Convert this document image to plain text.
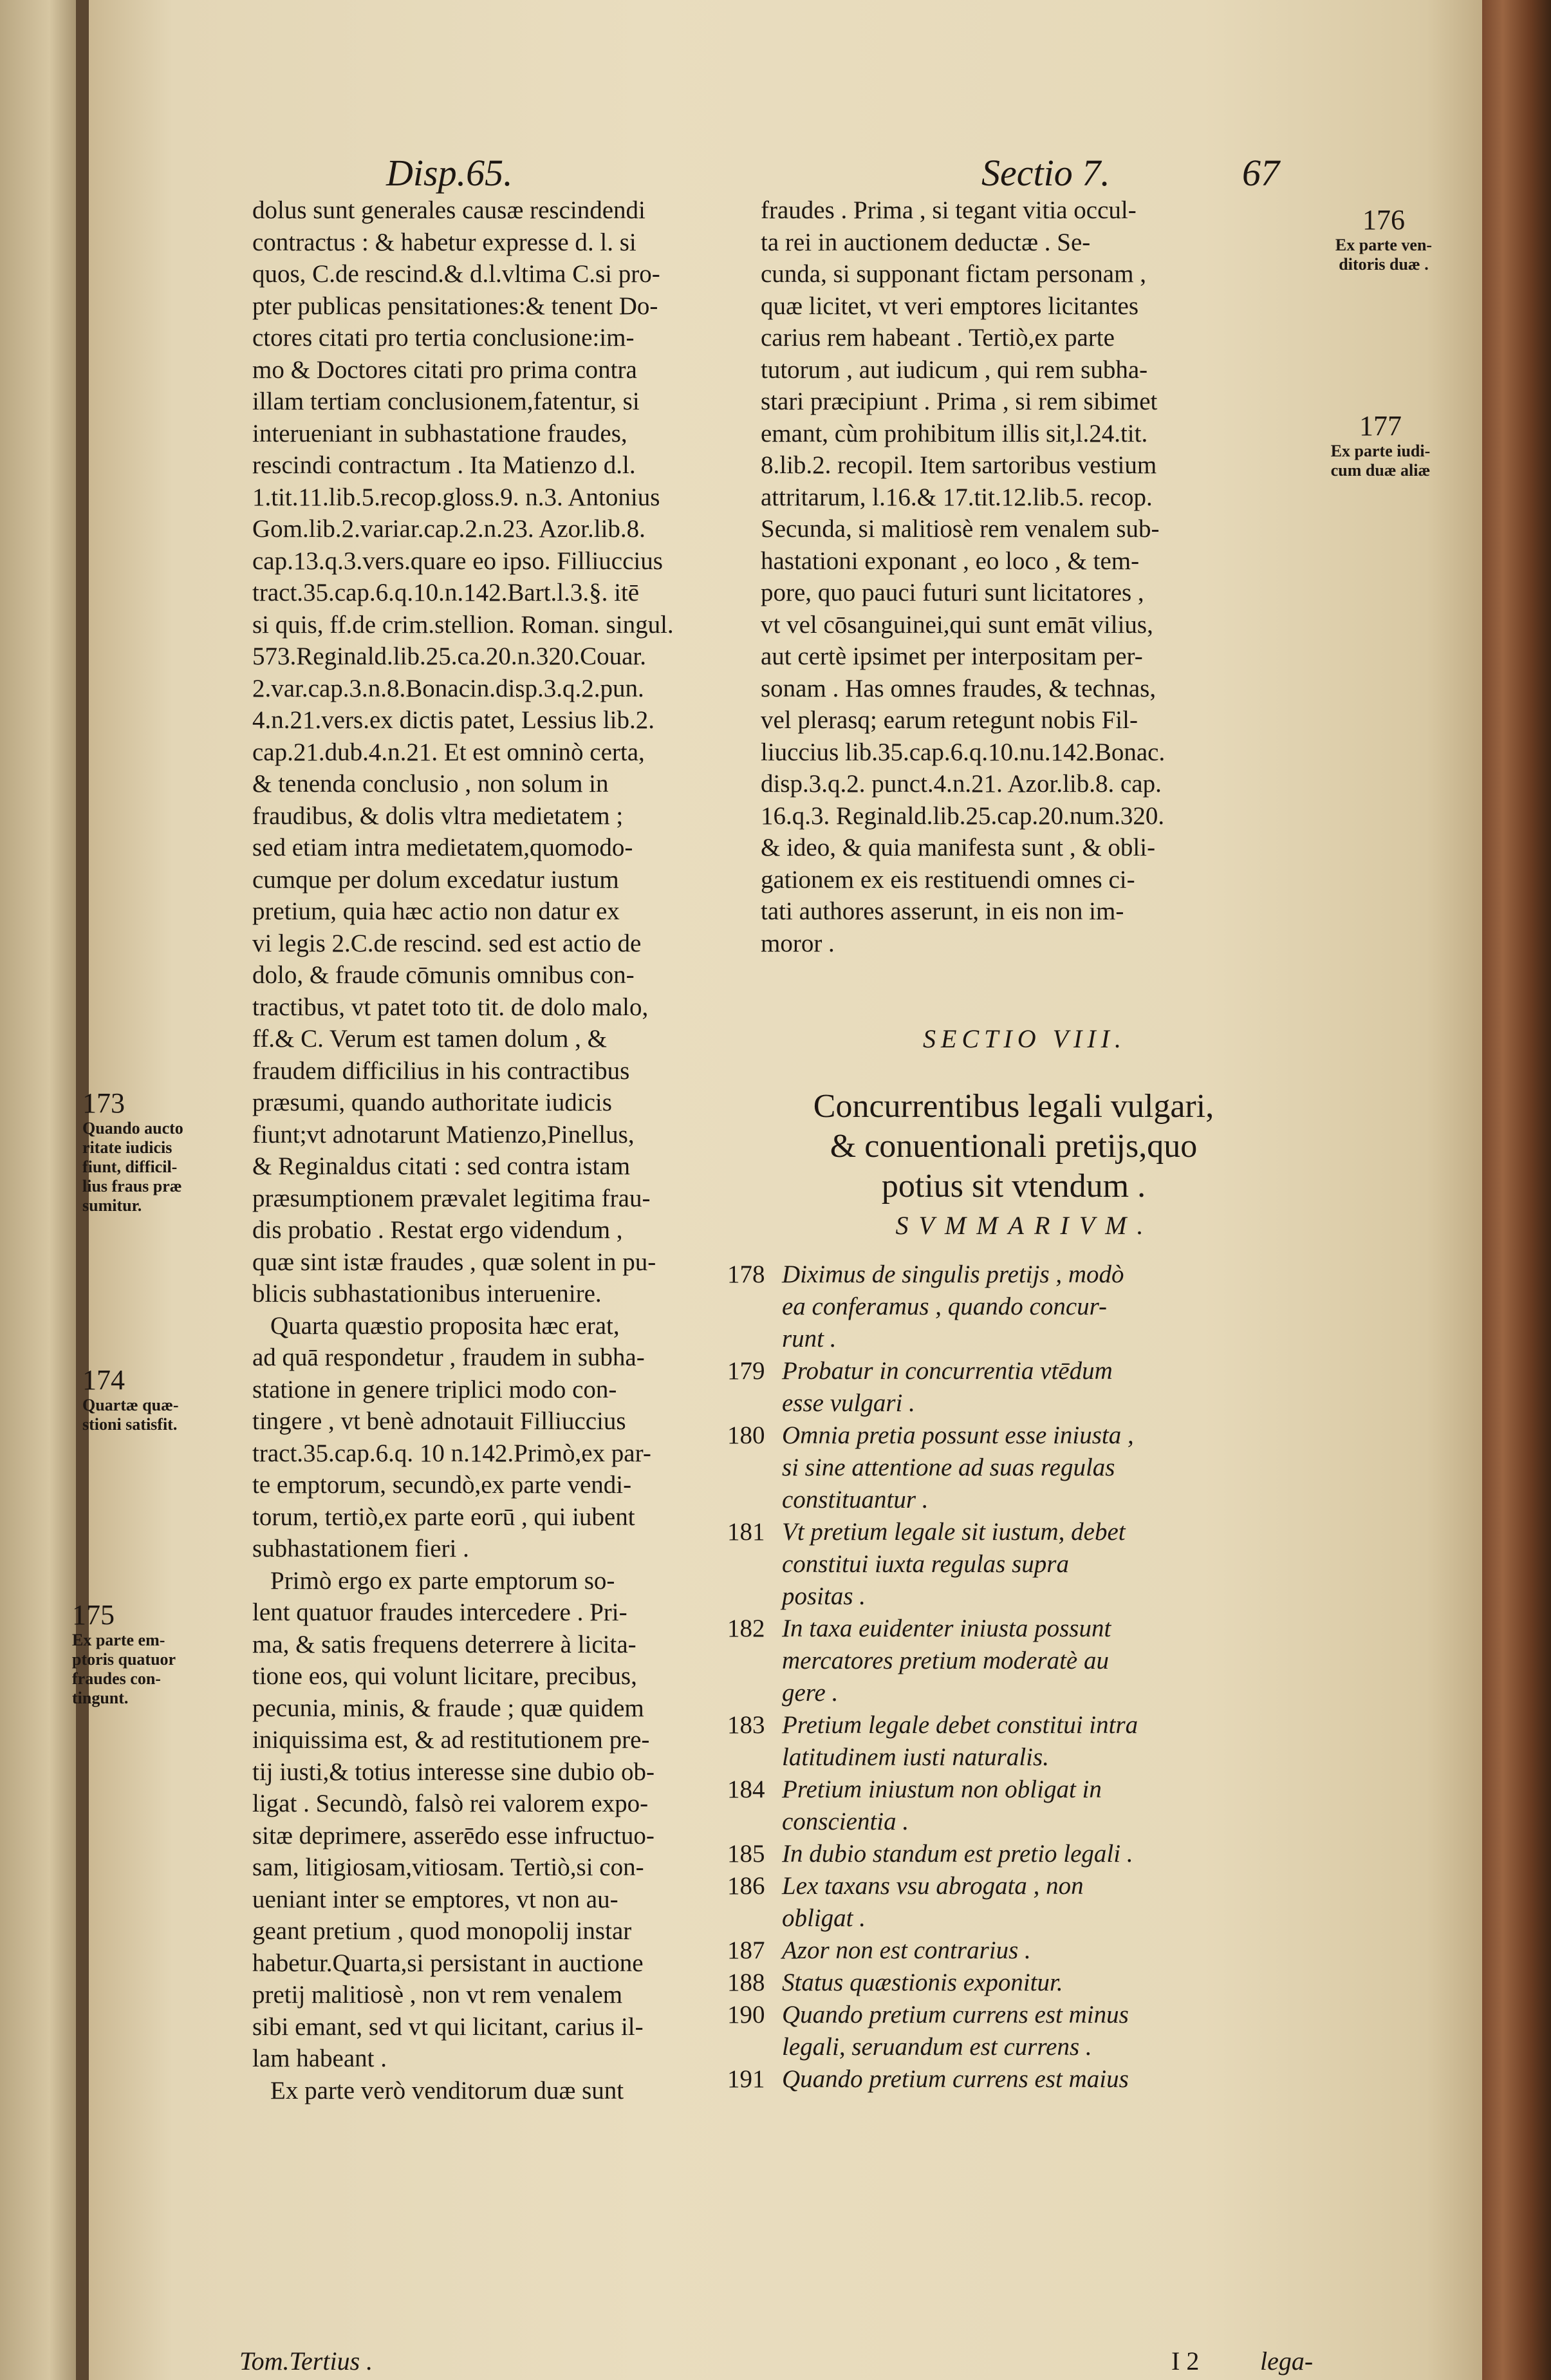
Disp.65.	Sectio 7.	67

dolus sunt generales causæ rescindendi

contractus : & habetur expresse d. l. si

quos, C.de rescind.& d.l.vltima C.si pro-

pter publicas pensitationes:& tenent Do-

ctores citati pro tertia conclusione:im-

mo & Doctores citati pro prima contra

illam tertiam conclusionem,fatentur, si

interueniant in subhastatione fraudes,

rescindi contractum . Ita Matienzo d.l.

1.tit.11.lib.5.recop.gloss.9. n.3. Antonius

Gom.lib.2.variar.cap.2.n.23. Azor.lib.8.

cap.13.q.3.vers.quare eo ipso. Filliuccius

tract.35.cap.6.q.10.n.142.Bart.l.3.§. itē

si quis, ff.de crim.stellion. Roman. singul.

573.Reginald.lib.25.ca.20.n.320.Couar.

2.var.cap.3.n.8.Bonacin.disp.3.q.2.pun.

4.n.21.vers.ex dictis patet, Lessius lib.2.

cap.21.dub.4.n.21. Et est omninò certa,

& tenenda conclusio , non solum in

fraudibus, & dolis vltra medietatem ;

sed etiam intra medietatem,quomodo-

cumque per dolum excedatur iustum

pretium, quia hæc actio non datur ex

vi legis 2.C.de rescind. sed est actio de

dolo, & fraude cōmunis omnibus con-

tractibus, vt patet toto tit. de dolo malo,

ff.& C. Verum est tamen dolum , &

fraudem difficilius in his contractibus

præsumi, quando authoritate iudicis

fiunt;vt adnotarunt Matienzo,Pinellus,

& Reginaldus citati : sed contra istam

præsumptionem prævalet legitima frau-

dis probatio . Restat ergo videndum ,

quæ sint istæ fraudes , quæ solent in pu-

blicis subhastationibus interuenire.

Quarta quæstio proposita hæc erat,

ad quā respondetur , fraudem in subha-

statione in genere triplici modo con-

tingere , vt benè adnotauit Filliuccius

tract.35.cap.6.q. 10 n.142.Primò,ex par-

te emptorum, secundò,ex parte vendi-

torum, tertiò,ex parte eorū , qui iubent

subhastationem fieri .

Primò ergo ex parte emptorum so-

lent quatuor fraudes intercedere . Pri-

ma, & satis frequens deterrere à licita-

tione eos, qui volunt licitare, precibus,

pecunia, minis, & fraude ; quæ quidem

iniquissima est, & ad restitutionem pre-

tij iusti,& totius interesse sine dubio ob-

ligat . Secundò, falsò rei valorem expo-

sitæ deprimere, asserēdo esse infructuo-

sam, litigiosam,vitiosam. Tertiò,si con-

ueniant inter se emptores, vt non au-

geant pretium , quod monopolij instar

habetur.Quarta,si persistant in auctione

pretij malitiosè , non vt rem venalem

sibi emant, sed vt qui licitant, carius il-

lam habeant .

Ex parte verò venditorum duæ sunt

fraudes . Prima , si tegant vitia occul-

ta rei in auctionem deductæ . Se-

cunda, si supponant fictam personam ,

quæ licitet, vt veri emptores licitantes

carius rem habeant . Tertiò,ex parte

tutorum , aut iudicum , qui rem subha-

stari præcipiunt . Prima , si rem sibimet

emant, cùm prohibitum illis sit,l.24.tit.

8.lib.2. recopil. Item sartoribus vestium

attritarum, l.16.& 17.tit.12.lib.5. recop.

Secunda, si malitiosè rem venalem sub-

hastationi exponant , eo loco , & tem-

pore, quo pauci futuri sunt licitatores ,

vt vel cōsanguinei,qui sunt emāt vilius,

aut certè ipsimet per interpositam per-

sonam . Has omnes fraudes, & technas,

vel plerasq; earum retegunt nobis Fil-

liuccius lib.35.cap.6.q.10.nu.142.Bonac.

disp.3.q.2. punct.4.n.21. Azor.lib.8. cap.

16.q.3. Reginald.lib.25.cap.20.num.320.

& ideo, & quia manifesta sunt , & obli-

gationem ex eis restituendi omnes ci-

tati authores asserunt, in eis non im-

moror .

SECTIO VIII.
Concurrentibus legali vulgari,
& conuentionali pretijs,quo
potius sit vtendum .
SVMMARIVM.
178 Diximus de singulis pretijs , modò
ea conferamus , quando concur-
runt .
179 Probatur in concurrentia vtēdum
esse vulgari .
180 Omnia pretia possunt esse iniusta ,
si sine attentione ad suas regulas
constituantur .
181 Vt pretium legale sit iustum, debet
constitui iuxta regulas supra
positas .
182 In taxa euidenter iniusta possunt
mercatores pretium moderatè au
gere .
183 Pretium legale debet constitui intra
latitudinem iusti naturalis.
184 Pretium iniustum non obligat in
conscientia .
185 In dubio standum est pretio legali .
186 Lex taxans vsu abrogata , non
obligat .
187 Azor non est contrarius .
188 Status quæstionis exponitur.
190 Quando pretium currens est minus
legali, seruandum est currens .
191 Quando pretium currens est maius
173

Quando aucto
ritate iudicis
fiunt, difficil-
lius fraus præ
sumitur.

174

Quartæ quæ-
stioni satisfit.

175

Ex parte em-
ptoris quatuor
fraudes con-
tingunt.

176

Ex parte ven-
ditoris duæ .

177

Ex parte iudi-
cum duæ aliæ

Tom.Tertius .	I 2 lega-
